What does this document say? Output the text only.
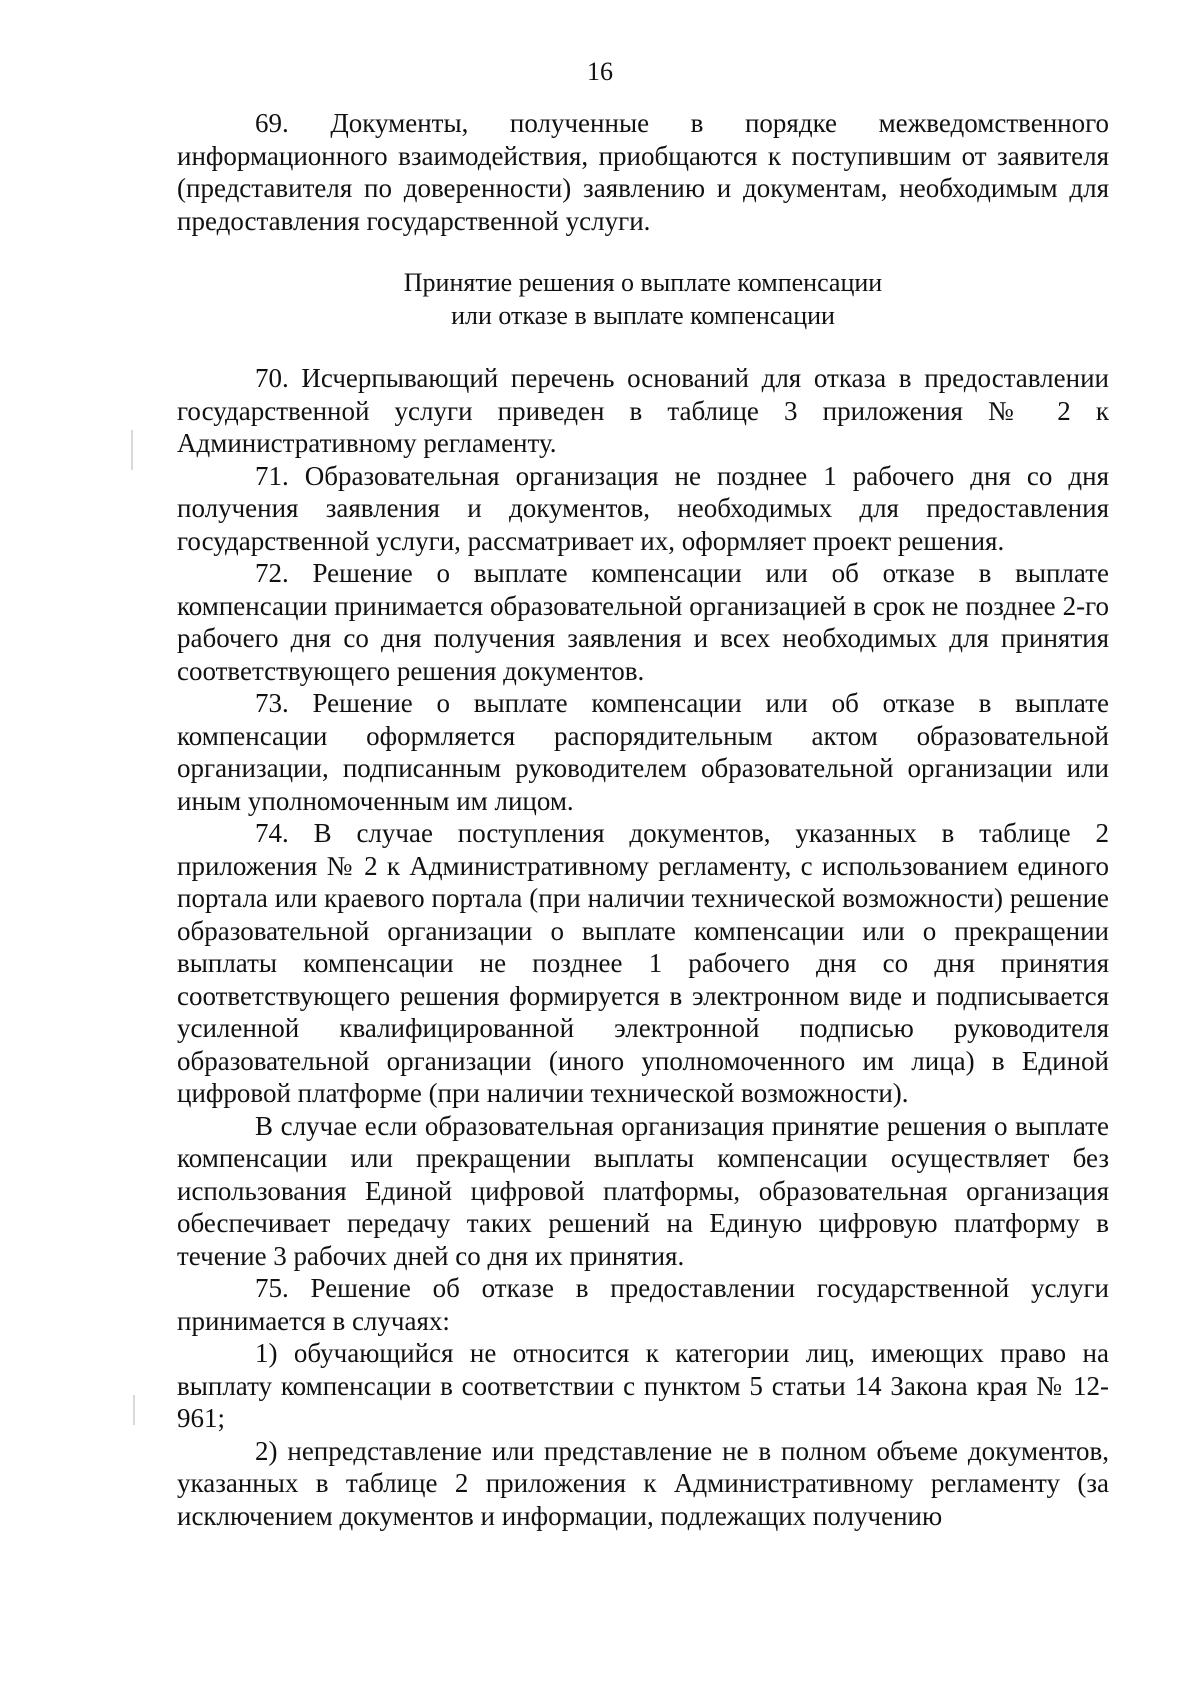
16

69. Документы, полученные в порядке межведомственного информационного взаимодействия, приобщаются к поступившим от заявителя (представителя по доверенности) заявлению и документам, необходимым для предоставления государственной услуги.

Принятие решения о выплате компенсации
или отказе в выплате компенсации

70. Исчерпывающий перечень оснований для отказа в предоставлении государственной услуги приведен в таблице 3 приложения № 2 к Административному регламенту.

71. Образовательная организация не позднее 1 рабочего дня со дня получения заявления и документов, необходимых для предоставления государственной услуги, рассматривает их, оформляет проект решения.

72. Решение о выплате компенсации или об отказе в выплате компенсации принимается образовательной организацией в срок не позднее 2-го рабочего дня со дня получения заявления и всех необходимых для принятия соответствующего решения документов.

73. Решение о выплате компенсации или об отказе в выплате компенсации оформляется распорядительным актом образовательной организации, подписанным руководителем образовательной организации или иным уполномоченным им лицом.

74. В случае поступления документов, указанных в таблице 2 приложения № 2 к Административному регламенту, с использованием единого портала или краевого портала (при наличии технической возможности) решение образовательной организации о выплате компенсации или о прекращении выплаты компенсации не позднее 1 рабочего дня со дня принятия соответствующего решения формируется в электронном виде и подписывается усиленной квалифицированной электронной подписью руководителя образовательной организации (иного уполномоченного им лица) в Единой цифровой платформе (при наличии технической возможности).

В случае если образовательная организация принятие решения о выплате компенсации или прекращении выплаты компенсации осуществляет без использования Единой цифровой платформы, образовательная организация обеспечивает передачу таких решений на Единую цифровую платформу в течение 3 рабочих дней со дня их принятия.

75. Решение об отказе в предоставлении государственной услуги принимается в случаях:

1) обучающийся не относится к категории лиц, имеющих право на выплату компенсации в соответствии с пунктом 5 статьи 14 Закона края № 12-961;

2) непредставление или представление не в полном объеме документов, указанных в таблице 2 приложения к Административному регламенту (за исключением документов и информации, подлежащих получению
